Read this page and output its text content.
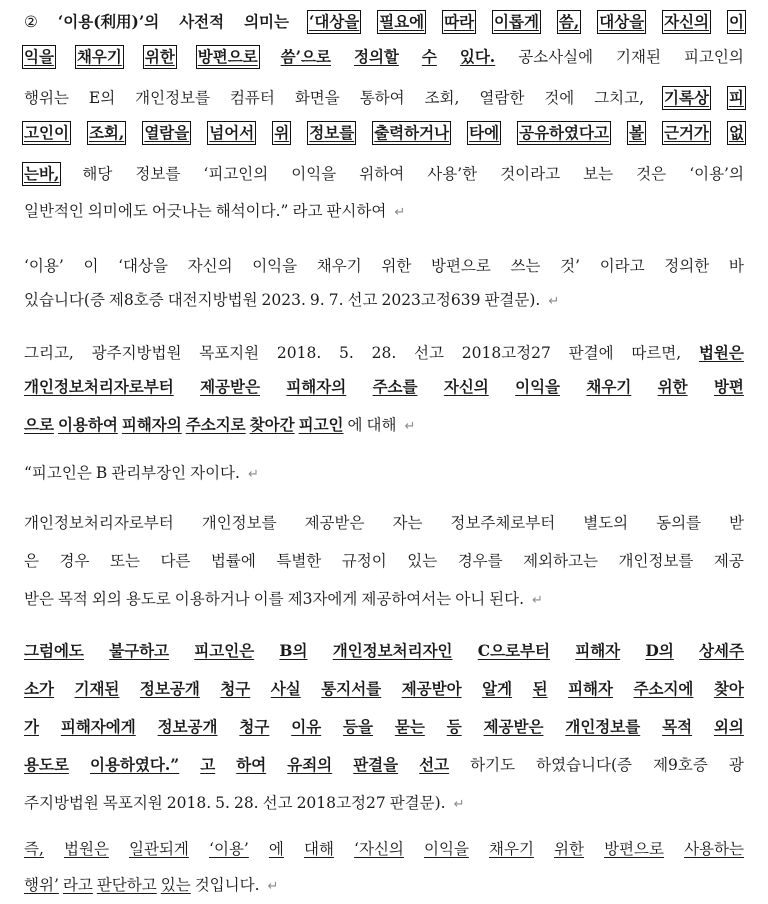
② ‘이용(利用)’의 사전적 의미는 ‘대상을 필요에 따라 이롭게 씀, 대상을 자신의 이
익을 채우기 위한 방편으로 씀’으로 정의할 수 있다. 공소사실에 기재된 피고인의
행위는 E의 개인정보를 컴퓨터 화면을 통하여 조회, 열람한 것에 그치고, 기록상 피
고인이 조회, 열람을 넘어서 위 정보를 출력하거나 타에 공유하였다고 볼 근거가 없
는바, 해당 정보를 ‘피고인의 이익을 위하여 사용’한 것이라고 보는 것은 ‘이용’의
일반적인 의미에도 어긋나는 해석이다.” 라고 판시하여 ↵
‘이용’ 이 ‘대상을 자신의 이익을 채우기 위한 방편으로 쓰는 것’ 이라고 정의한 바
있습니다(증 제8호증 대전지방법원 2023. 9. 7. 선고 2023고정639 판결문). ↵
그리고, 광주지방법원 목포지원 2018. 5. 28. 선고 2018고정27 판결에 따르면, 법원은
개인정보처리자로부터 제공받은 피해자의 주소를 자신의 이익을 채우기 위한 방편
으로 이용하여 피해자의 주소지로 찾아간 피고인 에 대해 ↵
“피고인은 B 관리부장인 자이다. ↵
개인정보처리자로부터 개인정보를 제공받은 자는 정보주체로부터 별도의 동의를 받
은 경우 또는 다른 법률에 특별한 규정이 있는 경우를 제외하고는 개인정보를 제공
받은 목적 외의 용도로 이용하거나 이를 제3자에게 제공하여서는 아니 된다. ↵
그럼에도 불구하고 피고인은 B의 개인정보처리자인 C으로부터 피해자 D의 상세주
소가 기재된 정보공개 청구 사실 통지서를 제공받아 알게 된 피해자 주소지에 찾아
가 피해자에게 정보공개 청구 이유 등을 묻는 등 제공받은 개인정보를 목적 외의
용도로 이용하였다.” 고 하여 유죄의 판결을 선고 하기도 하였습니다(증 제9호증 광
주지방법원 목포지원 2018. 5. 28. 선고 2018고정27 판결문). ↵
즉, 법원은 일관되게 ‘이용’ 에 대해 ‘자신의 이익을 채우기 위한 방편으로 사용하는
행위’ 라고 판단하고 있는 것입니다. ↵
